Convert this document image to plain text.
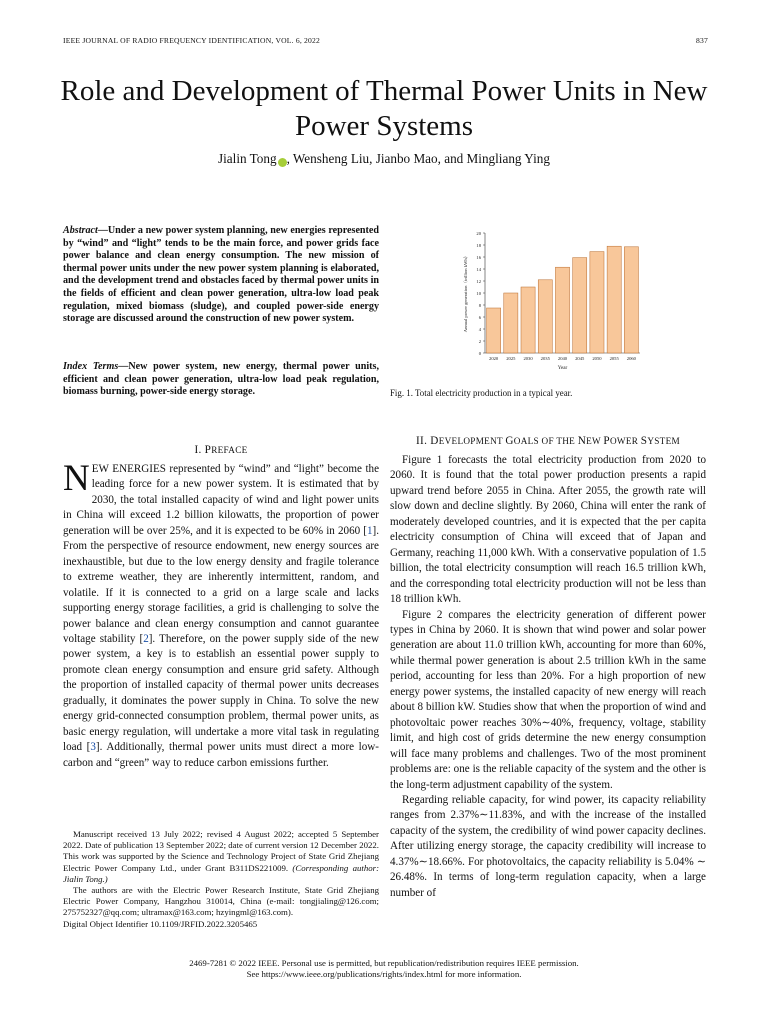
IEEE JOURNAL OF RADIO FREQUENCY IDENTIFICATION, VOL. 6, 2022	837
Role and Development of Thermal Power Units in New Power Systems
Jialin Tong , Wensheng Liu, Jianbo Mao, and Mingliang Ying
Abstract—Under a new power system planning, new energies represented by “wind” and “light” tends to be the main force, and power grids face power balance and clean energy consumption. The new mission of thermal power units under the new power system planning is elaborated, and the development trend and obstacles faced by thermal power units in the fields of efficient and clean power generation, ultra-low load peak regulation, mixed biomass (sludge), and coupled power-side energy storage are discussed around the construction of new power system.
Index Terms—New power system, new energy, thermal power units, efficient and clean power generation, ultra-low load peak regulation, biomass burning, power-side energy storage.
0
2
4
6
8
10
12
14
16
18
20
2020 2025 2030 2035 2040 2045 2050 2055 2060
Year
Annual power generation（trillion kWh）
Fig. 1. Total electricity production in a typical year.
I. PREFACE
II. DEVELOPMENT GOALS OF THE NEW POWER SYSTEM

NEW ENERGIES represented by “wind” and “light” become the leading force for a new power system. It is estimated that by 2030, the total installed capacity of wind and light power units in China will exceed 1.2 billion kilowatts, the proportion of power generation will be over 25%, and it is expected to be 60% in 2060 [1]. From the perspective of resource endowment, new energy sources are inexhaustible, but due to the low energy density and fragile tolerance to extreme weather, they are inherently intermittent, random, and volatile. If it is connected to a grid on a large scale and lacks supporting energy storage facilities, a grid is challenging to solve the power balance and clean energy consumption and cannot guarantee voltage stability [2]. Therefore, on the power supply side of the new power system, a key is to establish an essential power supply to promote clean energy consumption and ensure grid safety. Although the proportion of installed capacity of thermal power units decreases gradually, it dominates the power supply in China. To solve the new energy grid-connected consumption problem, thermal power units, as basic energy regulation, will undertake a more vital task in regulating load [3]. Additionally, thermal power units must direct a more low-carbon and “green” way to reduce carbon emissions further.

Manuscript received 13 July 2022; revised 4 August 2022; accepted 5 September 2022. Date of publication 13 September 2022; date of current version 12 December 2022. This work was supported by the Science and Technology Project of State Grid Zhejiang Electric Power Company Ltd., under Grant B311DS221009. (Corresponding author: Jialin Tong.)

The authors are with the Electric Power Research Institute, State Grid Zhejiang Electric Power Company, Hangzhou 310014, China (e-mail: tongjialing@126.com; 275752327@qq.com; ultramax@163.com; hzyingml@163.com).

Digital Object Identifier 10.1109/JRFID.2022.3205465

Figure 1 forecasts the total electricity production from 2020 to 2060. It is found that the total power production presents a rapid upward trend before 2055 in China. After 2055, the growth rate will slow down and decline slightly. By 2060, China will enter the rank of moderately developed countries, and it is expected that the per capita electricity consumption of China will exceed that of Japan and Germany, reaching 11,000 kWh. With a conservative population of 1.5 billion, the total electricity consumption will reach 16.5 trillion kWh, and the corresponding total electricity production will not be less than 18 trillion kWh.

Figure 2 compares the electricity generation of different power types in China by 2060. It is shown that wind power and solar power generation are about 11.0 trillion kWh, accounting for more than 60%, while thermal power generation is about 2.5 trillion kWh in the same period, accounting for less than 20%. For a high proportion of new energy power systems, the installed capacity of new energy will reach about 8 billion kW. Studies show that when the proportion of wind and photovoltaic power reaches 30%∼40%, frequency, voltage, stability limit, and high cost of grids determine the new energy consumption will face many problems and challenges. Two of the most prominent problems are: one is the reliable capacity of the system and the other is the long-term adjustment capability of the system.

Regarding reliable capacity, for wind power, its capacity reliability ranges from 2.37%∼11.83%, and with the increase of the installed capacity of the system, the credibility of wind power capacity declines. After utilizing energy storage, the capacity credibility will increase to 4.37%∼18.66%. For photovoltaics, the capacity reliability is 5.04% ∼ 26.48%. In terms of long-term regulation capacity, when a large number of

2469-7281 © 2022 IEEE. Personal use is permitted, but republication/redistribution requires IEEE permission.
See https://www.ieee.org/publications/rights/index.html for more information.
